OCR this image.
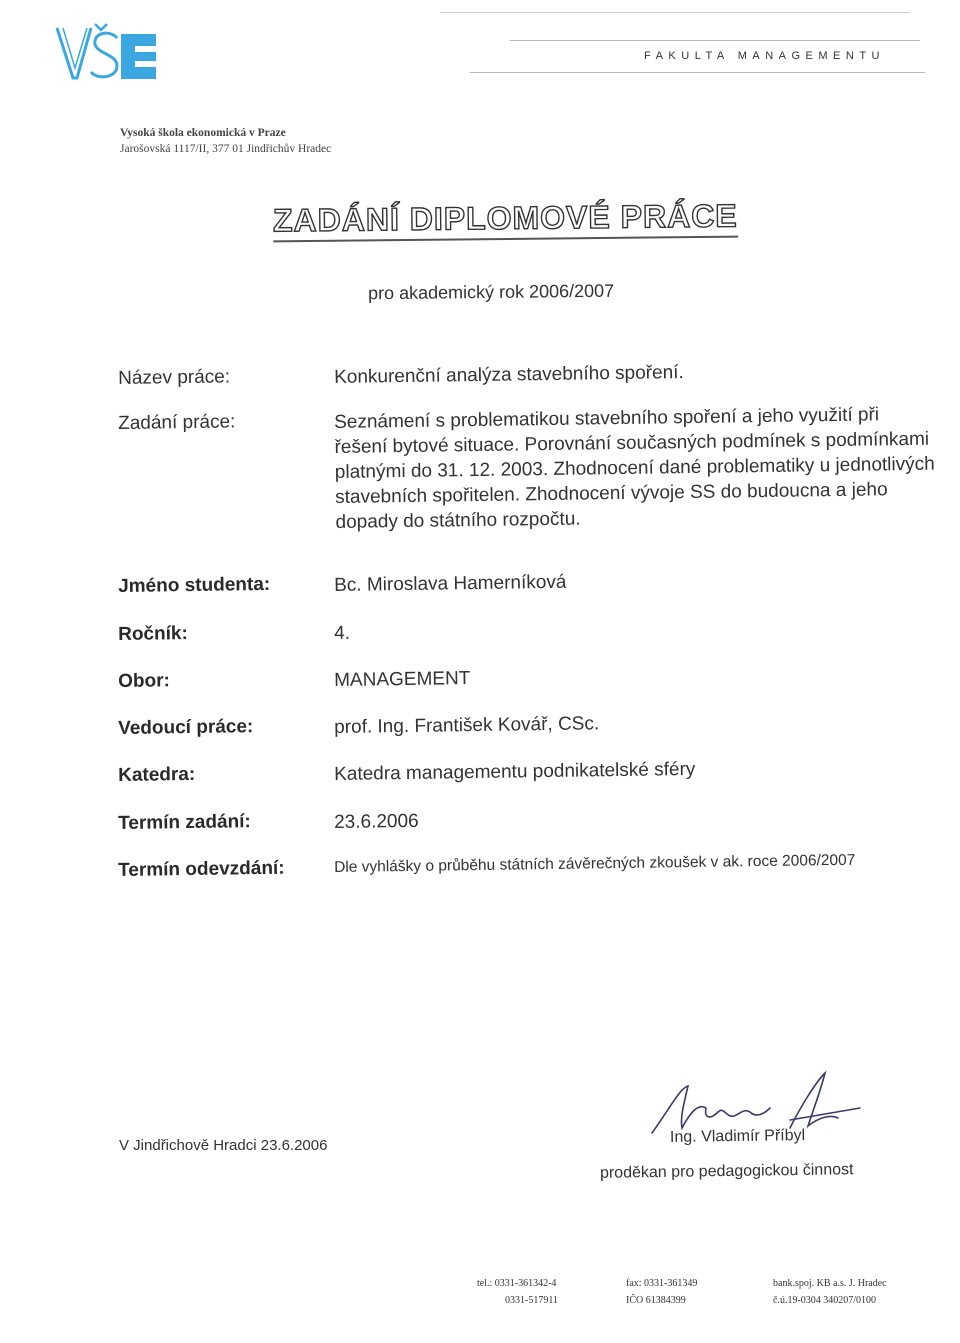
FAKULTA MANAGEMENTU
Vysoká škola ekonomická v Praze
Jarošovská 1117/II, 377 01 Jindřichův Hradec
ZADÁNÍ DIPLOMOVÉ PRÁCE
pro akademický rok 2006/2007
Název práce:	Konkurenční analýza stavebního spoření.
Zadání práce:	Seznámení s problematikou stavebního spoření a jeho využití při řešení bytové situace. Porovnání současných podmínek s podmínkami platnými do 31. 12. 2003. Zhodnocení dané problematiky u jednotlivých stavebních spořitelen. Zhodnocení vývoje SS do budoucna a jeho dopady do státního rozpočtu.
Jméno studenta:	Bc. Miroslava Hamerníková
Ročník:	4.
Obor:	MANAGEMENT
Vedoucí práce:	prof. Ing. František Kovář, CSc.
Katedra:	Katedra managementu podnikatelské sféry
Termín zadání:	23.6.2006
Termín odevzdání:	Dle vyhlášky o průběhu státních závěrečných zkoušek v ak. roce 2006/2007
V Jindřichově Hradci 23.6.2006	Ing. Vladimír Příbyl
proděkan pro pedagogickou činnost
tel.: 0331-361342-4
0331-517911
fax: 0331-361349
IČO 61384399
bank.spoj. KB a.s. J. Hradec
č.ú.19-0304 340207/0100
